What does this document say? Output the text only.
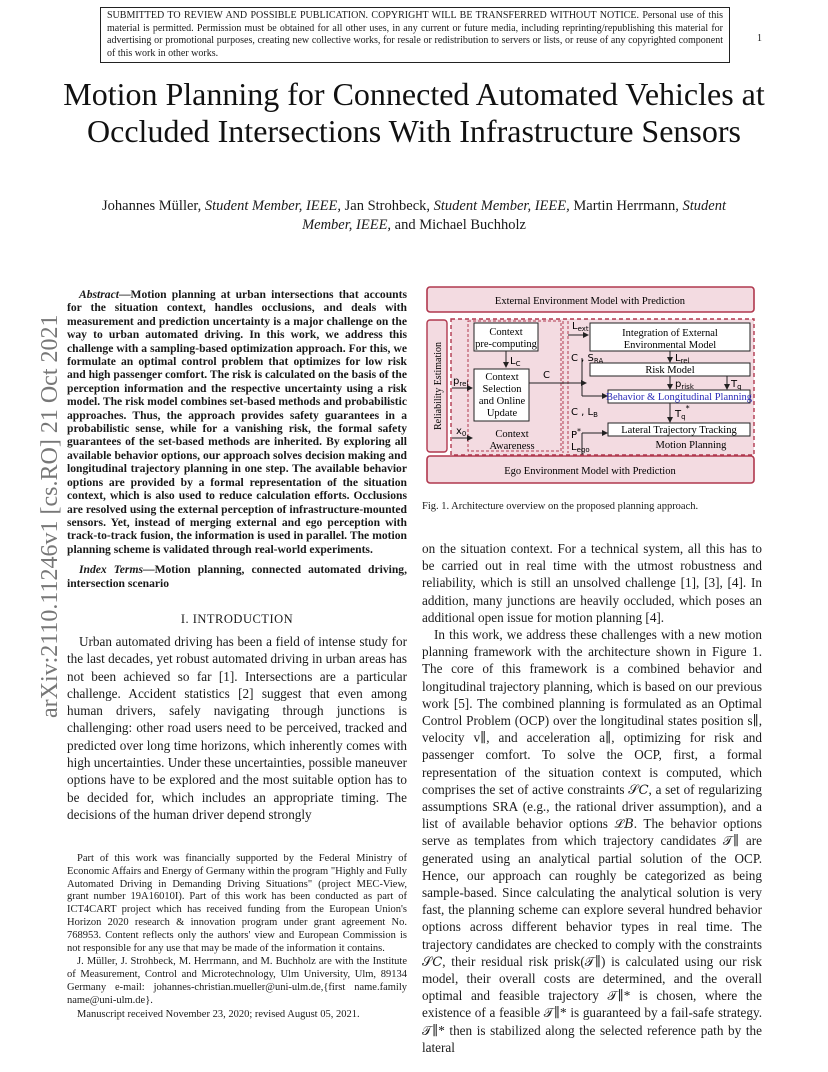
SUBMITTED TO REVIEW AND POSSIBLE PUBLICATION. COPYRIGHT WILL BE TRANSFERRED WITHOUT NOTICE. Personal use of this material is permitted. Permission must be obtained for all other uses, in any current or future media, including reprinting/republishing this material for advertising or promotional purposes, creating new collective works, for resale or redistribution to servers or lists, or reuse of any copyrighted component of this work in other works.
1
arXiv:2110.11246v1 [cs.RO] 21 Oct 2021
Motion Planning for Connected Automated Vehicles at Occluded Intersections With Infrastructure Sensors
Johannes Müller, Student Member, IEEE, Jan Strohbeck, Student Member, IEEE, Martin Herrmann, Student Member, IEEE, and Michael Buchholz

Abstract—Motion planning at urban intersections that accounts for the situation context, handles occlusions, and deals with measurement and prediction uncertainty is a major challenge on the way to urban automated driving. In this work, we address this challenge with a sampling-based optimization approach. For this, we formulate an optimal control problem that optimizes for low risk and high passenger comfort. The risk is calculated on the basis of the perception information and the respective uncertainty using a risk model. The risk model combines set-based methods and probabilistic approaches. Thus, the approach provides safety guarantees in a probabilistic sense, while for a vanishing risk, the formal safety guarantees of the set-based methods are inherited. By exploring all available behavior options, our approach solves decision making and longitudinal trajectory planning in one step. The available behavior options are provided by a formal representation of the situation context, which is also used to reduce calculation efforts. Occlusions are resolved using the external perception of infrastructure-mounted sensors. Yet, instead of merging external and ego perception with track-to-track fusion, the information is used in parallel. The motion planning scheme is validated through real-world experiments.

Index Terms—Motion planning, connected automated driving, intersection scenario

I. INTRODUCTION

Urban automated driving has been a field of intense study for the last decades, yet robust automated driving in urban areas has not been achieved so far [1]. Intersections are a particular challenge. Accident statistics [2] suggest that even among human drivers, safely navigating through junctions is challenging: other road users need to be perceived, tracked and predicted over long time horizons, which inherently comes with high uncertainties. Under these uncertainties, possible maneuver options have to be explored and the most suitable option has to be decided for, which includes an appropriate timing. The decisions of the human driver depend strongly

Part of this work was financially supported by the Federal Ministry of Economic Affairs and Energy of Germany within the program "Highly and Fully Automated Driving in Demanding Driving Situations" (project MEC-View, grant number 19A16010I). Part of this work has been conducted as part of ICT4CART project which has received funding from the European Union's Horizon 2020 research & innovation program under grant agreement No. 768953. Content reflects only the authors' view and European Commission is not responsible for any use that may be made of the information it contains.

J. Müller, J. Strohbeck, M. Herrmann, and M. Buchholz are with the Institute of Measurement, Control and Microtechnology, Ulm University, Ulm, 89134 Germany e-mail: johannes-christian.mueller@uni-ulm.de,{first name.family name@uni-ulm.de}.

Manuscript received November 23, 2020; revised August 05, 2021.

External Environment Model with Prediction
Reliability Estimation
Context
pre-computing
Context
Selection
and Online
Update
Context
Awareness
Integration of External
Environmental Model
Risk Model
Behavior & Longitudinal Planning
Lateral Trajectory Tracking
Motion Planning
Ego Environment Model with Prediction
$L_{ext}$
$L_C$
C
$p_{rel}$
$x_0$
C , $S_{RA}$	$L_{rel}$
$p_{risk}$	$T_q$
C , $L_B$	$T_q^*$
P*
$L_{ego}$
Fig. 1. Architecture overview on the proposed planning approach.

on the situation context. For a technical system, all this has to be carried out in real time with the utmost robustness and reliability, which is still an unsolved challenge [1], [3], [4]. In addition, many junctions are heavily occluded, which poses an additional open issue for motion planning [4].

In this work, we address these challenges with a new motion planning framework with the architecture shown in Figure 1. The core of this framework is a combined behavior and longitudinal trajectory planning, which is based on our previous work [5]. The combined planning is formulated as an Optimal Control Problem (OCP) over the longitudinal states position s∥, velocity v∥, and acceleration a∥, optimizing for risk and passenger comfort. To solve the OCP, first, a formal representation of the situation context is computed, which comprises the set of active constraints 𝒮𝐶, a set of regularizing assumptions SRA (e.g., the rational driver assumption), and a list of available behavior options ℒ𝐵. The behavior options serve as templates from which trajectory candidates 𝒯∥ are generated using an analytical partial solution of the OCP. Hence, our approach can roughly be categorized as being sample-based. Since calculating the analytical solution is very fast, the planning scheme can explore several hundred behavior options across different behavior types in real time. The trajectory candidates are checked to comply with the constraints 𝒮𝐶, their residual risk prisk(𝒯∥) is calculated using our risk model, their overall costs are determined, and the overall optimal and feasible trajectory 𝒯∥* is chosen, where the existence of a feasible 𝒯∥* is guaranteed by a fail-safe strategy. 𝒯∥* then is stabilized along the selected reference path by the lateral
